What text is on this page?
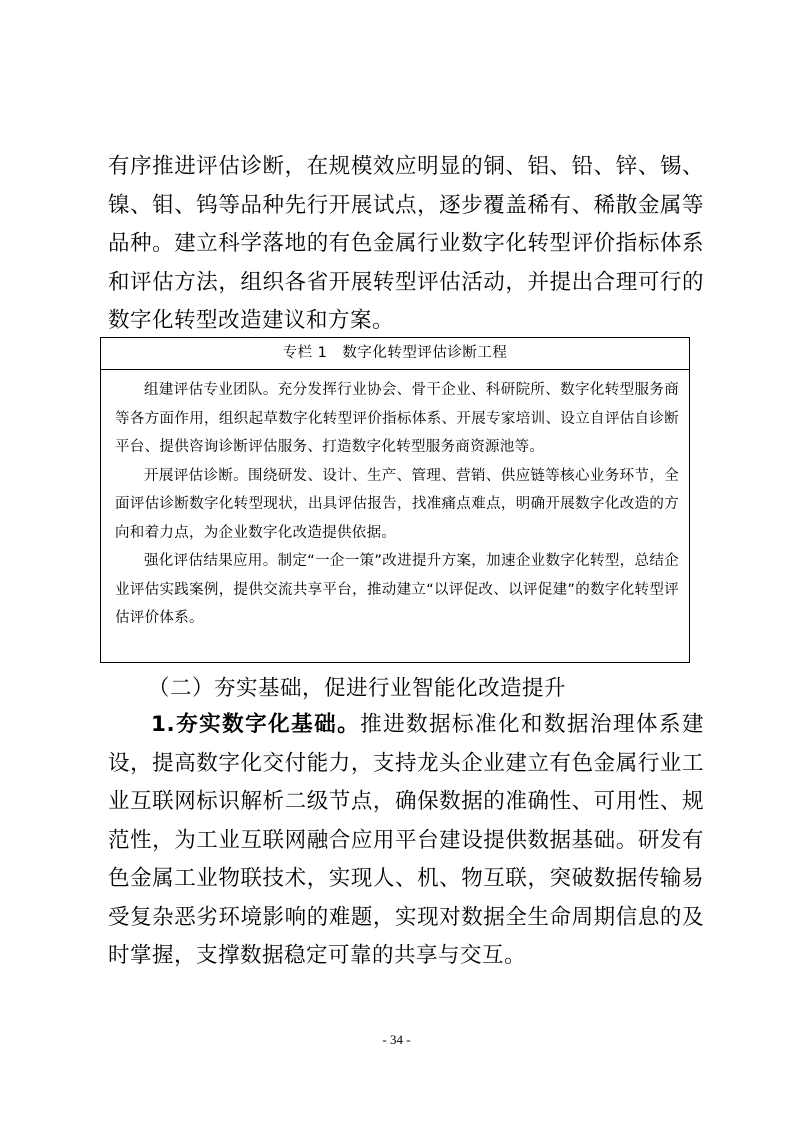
有序推进评估诊断，在规模效应明显的铜、铝、铅、锌、锡、镍、钼、钨等品种先行开展试点，逐步覆盖稀有、稀散金属等品种。建立科学落地的有色金属行业数字化转型评价指标体系和评估方法，组织各省开展转型评估活动，并提出合理可行的数字化转型改造建议和方案。
专栏 1　数字化转型评估诊断工程
组建评估专业团队。充分发挥行业协会、骨干企业、科研院所、数字化转型服务商等各方面作用，组织起草数字化转型评价指标体系、开展专家培训、设立自评估自诊断平台、提供咨询诊断评估服务、打造数字化转型服务商资源池等。
开展评估诊断。围绕研发、设计、生产、管理、营销、供应链等核心业务环节，全面评估诊断数字化转型现状，出具评估报告，找准痛点难点，明确开展数字化改造的方向和着力点，为企业数字化改造提供依据。
强化评估结果应用。制定“一企一策”改进提升方案，加速企业数字化转型，总结企业评估实践案例，提供交流共享平台，推动建立“以评促改、以评促建”的数字化转型评估评价体系。
（二）夯实基础，促进行业智能化改造提升
1.夯实数字化基础。推进数据标准化和数据治理体系建设，提高数字化交付能力，支持龙头企业建立有色金属行业工业互联网标识解析二级节点，确保数据的准确性、可用性、规范性，为工业互联网融合应用平台建设提供数据基础。研发有色金属工业物联技术，实现人、机、物互联，突破数据传输易受复杂恶劣环境影响的难题，实现对数据全生命周期信息的及时掌握，支撑数据稳定可靠的共享与交互。
- 34 -
